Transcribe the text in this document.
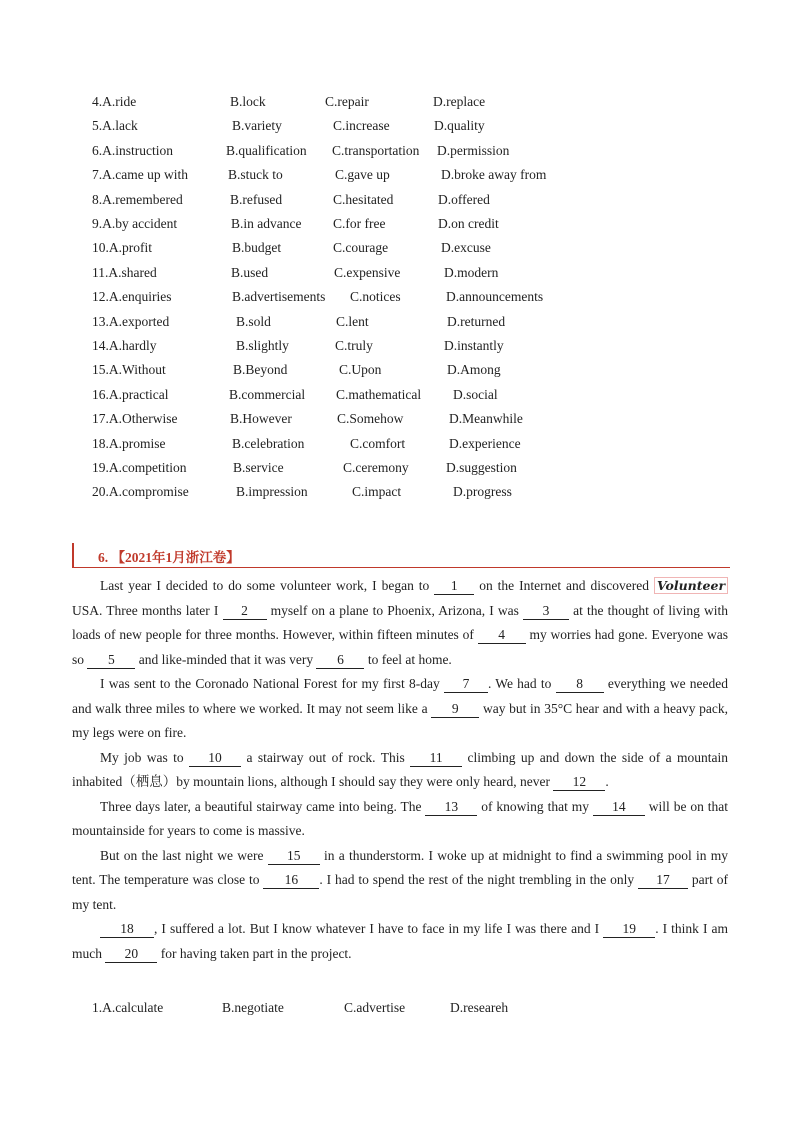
4.A.ride	B.lock	C.repair	D.replace
5.A.lack	B.variety	C.increase	D.quality
6.A.instruction	B.qualification C.transportation D.permission
7.A.came up with	B.stuck to	C.gave up	D.broke away from
8.A.remembered	B.refused	C.hesitated	D.offered
9.A.by accident	B.in advance C.for free	D.on credit
10.A.profit	B.budget	C.courage	D.excuse
11.A.shared	B.used	C.expensive	D.modern
12.A.enquiries	B.advertisements C.notices	D.announcements
13.A.exported	B.sold	C.lent	D.returned
14.A.hardly	B.slightly	C.truly	D.instantly
15.A.Without	B.Beyond	C.Upon	D.Among
16.A.practical	B.commercial C.mathematical D.social
17.A.Otherwise	B.However	C.Somehow	D.Meanwhile
18.A.promise	B.celebration	C.comfort	D.experience
19.A.competition	B.service	C.ceremony	D.suggestion
20.A.compromise	B.impression	C.impact	D.progress
6. 【2021年1月浙江卷】

Last year I decided to do some volunteer work, I began to 1 on the Internet and discovered Volunteer USA. Three months later I 2 myself on a plane to Phoenix, Arizona, I was 3 at the thought of living with loads of new people for three months. However, within fifteen minutes of 4 my worries had gone. Everyone was so 5 and like-minded that it was very 6 to feel at home.

I was sent to the Coronado National Forest for my first 8-day 7 . We had to 8 everything we needed and walk three miles to where we worked. It may not seem like a 9 way but in 35°C hear and with a heavy pack, my legs were on fire.

My job was to 10 a stairway out of rock. This 11 climbing up and down the side of a mountain inhabited（栖息）by mountain lions, although I should say they were only heard, never 12 .

Three days later, a beautiful stairway came into being. The 13 of knowing that my 14 will be on that mountainside for years to come is massive.

But on the last night we were 15 in a thunderstorm. I woke up at midnight to find a swimming pool in my tent. The temperature was close to 16 . I had to spend the rest of the night trembling in the only 17 part of my tent.

18 , I suffered a lot. But I know whatever I have to face in my life I was there and I 19 . I think I am much 20 for having taken part in the project.

1.A.calculate	B.negotiate	C.advertise	D.researeh
